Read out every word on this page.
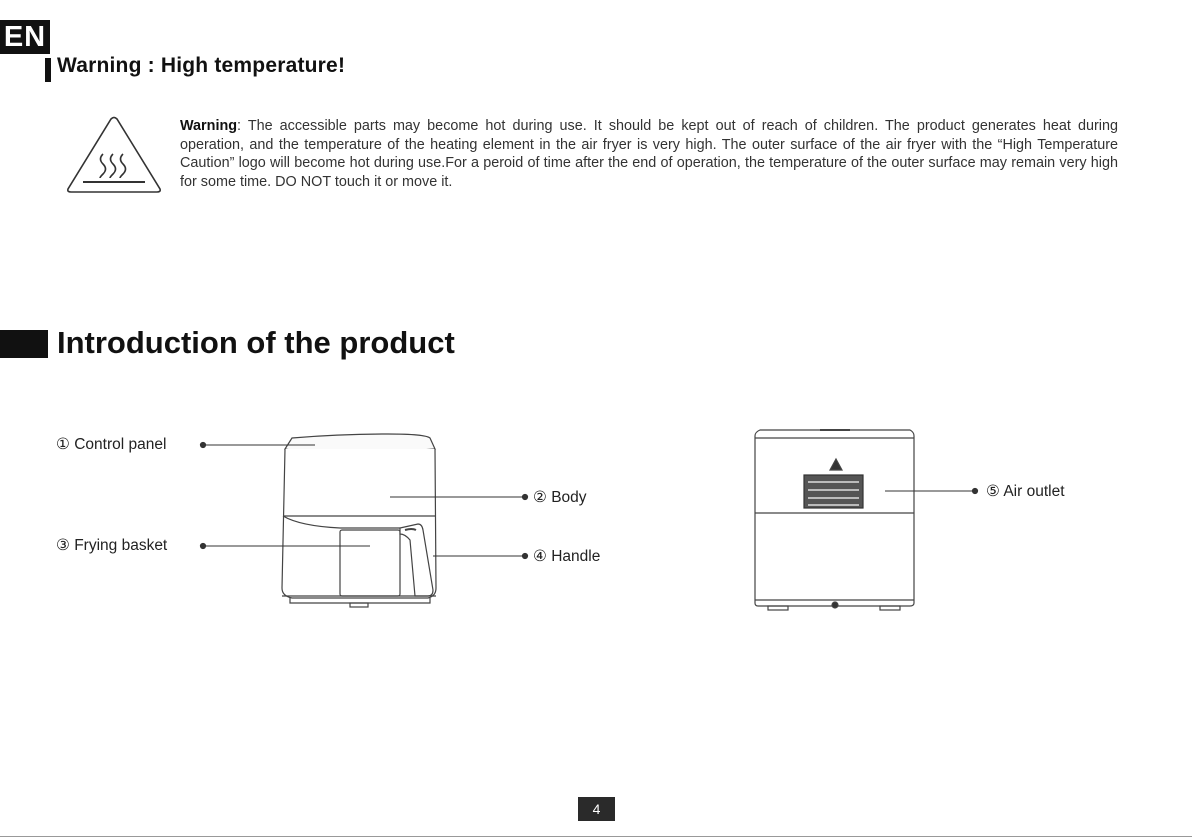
EN
Warning : High temperature!
Warning: The accessible parts may become hot during use. It should be kept out of reach of children. The product generates heat during operation, and the temperature of the heating element in the air fryer is very high. The outer surface of the air fryer with the “High Temperature Caution” logo will become hot during use.For a peroid of time after the end of operation, the temperature of the outer surface may remain very high for some time. DO NOT touch it or move it.
Introduction of the product
① Control panel
② Body
③ Frying basket
④ Handle
⑤ Air outlet
4
